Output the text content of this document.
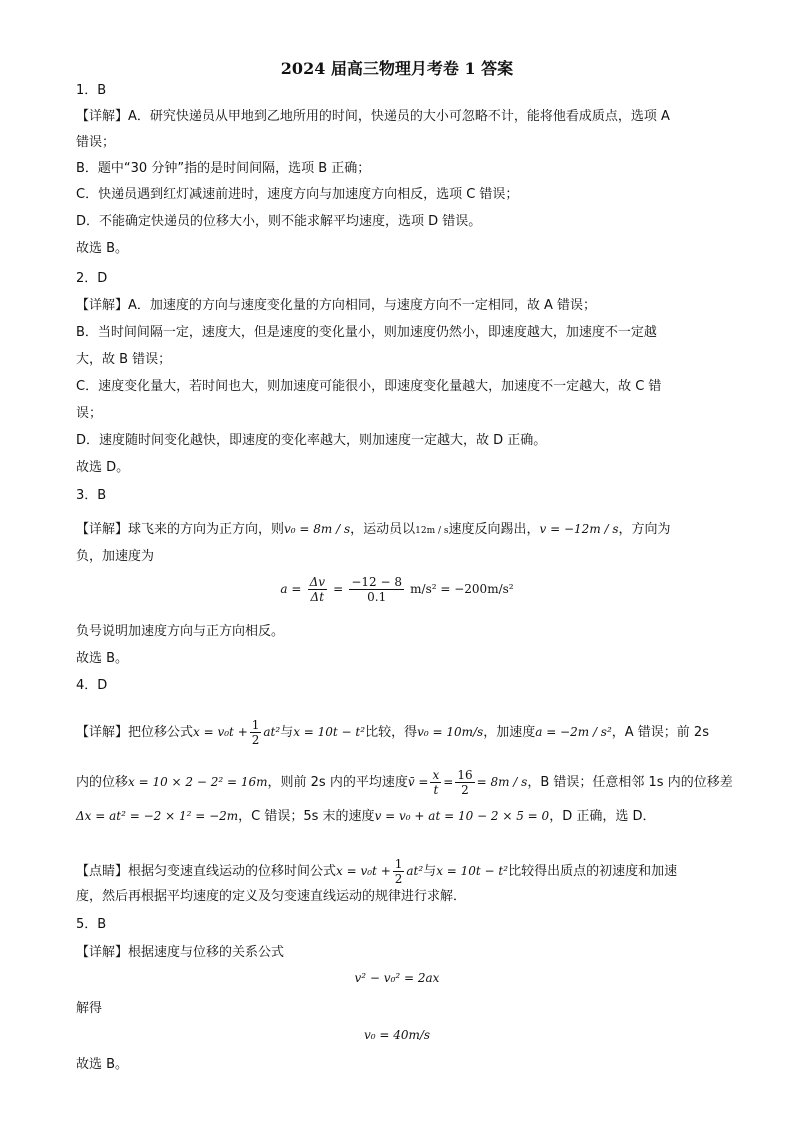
2024 届高三物理月考卷 1 答案
1．B
【详解】A．研究快递员从甲地到乙地所用的时间，快递员的大小可忽略不计，能将他看成质点，选项 A
错误；
B．题中“30 分钟”指的是时间间隔，选项 B 正确；
C．快递员遇到红灯减速前进时，速度方向与加速度方向相反，选项 C 错误；
D．不能确定快递员的位移大小，则不能求解平均速度，选项 D 错误。
故选 B。
2．D
【详解】A．加速度的方向与速度变化量的方向相同，与速度方向不一定相同，故 A 错误；
B．当时间间隔一定，速度大，但是速度的变化量小，则加速度仍然小，即速度越大，加速度不一定越
大，故 B 错误；
C．速度变化量大，若时间也大，则加速度可能很小，即速度变化量越大，加速度不一定越大，故 C 错
误；
D．速度随时间变化越快，即速度的变化率越大，则加速度一定越大，故 D 正确。
故选 D。
3．B
【详解】球飞来的方向为正方向，则v₀ = 8m / s，运动员以12m / s速度反向踢出，v = −12m / s，方向为
负，加速度为
$a = \frac{\Delta v}{\Delta t} = \frac{-12 - 8}{0.1} m/s^2 = -200m/s^2$
负号说明加速度方向与正方向相反。
故选 B。
4．D
【详解】把位移公式$x = v_0t + \frac{1}{2} at^2$与x = 10t − t²比较，得v₀ = 10m/s，加速度a = −2m / s²，A 错误；前 2s
内的位移x = 10 × 2 − 2² = 16m，则前 2s 内的平均速度v̄ = $\frac{x}{t} = \frac{16}{2} = 8m / s$，B 错误；任意相邻 1s 内的位移差
Δx = at² = −2 × 1² = −2m，C 错误；5s 末的速度v = v₀ + at = 10 − 2 × 5 = 0，D 正确，选 D．
【点睛】根据匀变速直线运动的位移时间公式$x = v_0t + \frac{1}{2} at^2$与x = 10t − t²比较得出质点的初速度和加速
度，然后再根据平均速度的定义及匀变速直线运动的规律进行求解．
5．B
【详解】根据速度与位移的关系公式
v² − v₀² = 2ax
解得
v₀ = 40m/s
故选 B。
